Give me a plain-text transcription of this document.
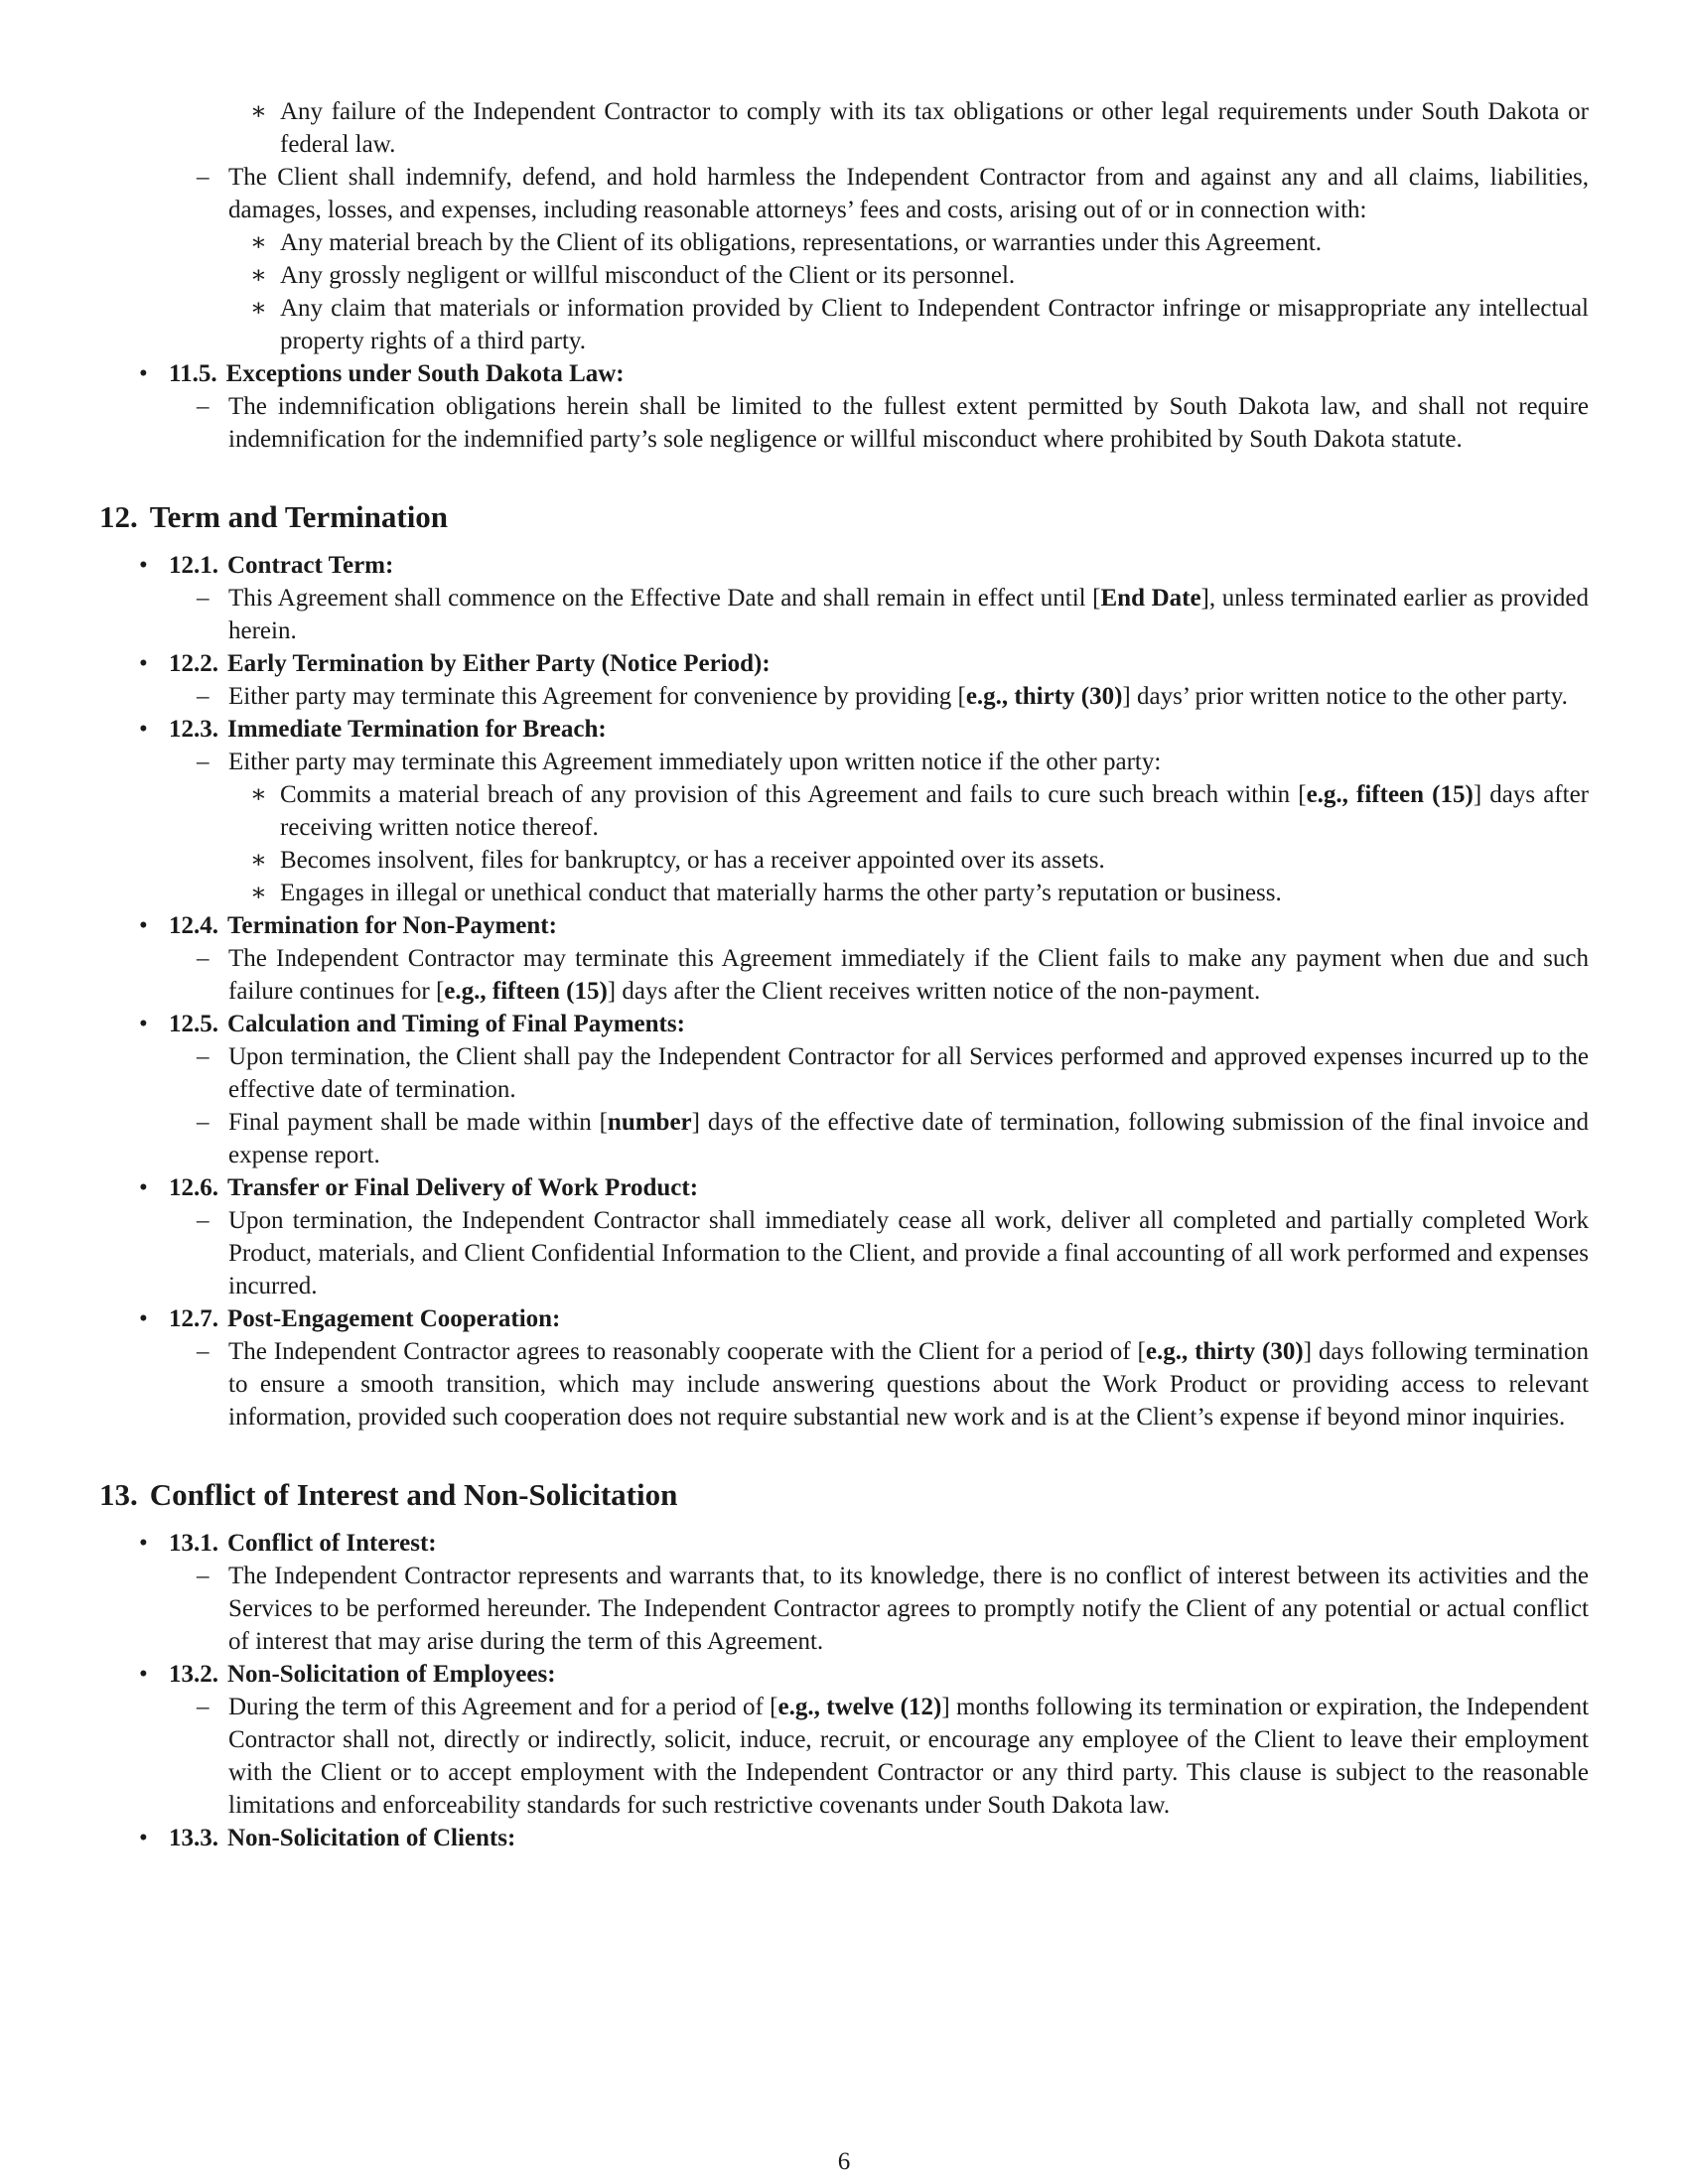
∗ Any failure of the Independent Contractor to comply with its tax obligations or other legal requirements under South Dakota or federal law.
– The Client shall indemnify, defend, and hold harmless the Independent Contractor from and against any and all claims, liabilities, damages, losses, and expenses, including reasonable attorneys’ fees and costs, arising out of or in connection with:
∗ Any material breach by the Client of its obligations, representations, or warranties under this Agreement.
∗ Any grossly negligent or willful misconduct of the Client or its personnel.
∗ Any claim that materials or information provided by Client to Independent Contractor infringe or misappropriate any intellectual property rights of a third party.
• 11.5. Exceptions under South Dakota Law:
– The indemnification obligations herein shall be limited to the fullest extent permitted by South Dakota law, and shall not require indemnification for the indemnified party’s sole negligence or willful misconduct where prohibited by South Dakota statute.
12. Term and Termination
• 12.1. Contract Term:
– This Agreement shall commence on the Effective Date and shall remain in effect until [End Date], unless terminated earlier as provided herein.
• 12.2. Early Termination by Either Party (Notice Period):
– Either party may terminate this Agreement for convenience by providing [e.g., thirty (30)] days’ prior written notice to the other party.
• 12.3. Immediate Termination for Breach:
– Either party may terminate this Agreement immediately upon written notice if the other party:
∗ Commits a material breach of any provision of this Agreement and fails to cure such breach within [e.g., fifteen (15)] days after receiving written notice thereof.
∗ Becomes insolvent, files for bankruptcy, or has a receiver appointed over its assets.
∗ Engages in illegal or unethical conduct that materially harms the other party’s reputation or business.
• 12.4. Termination for Non-Payment:
– The Independent Contractor may terminate this Agreement immediately if the Client fails to make any payment when due and such failure continues for [e.g., fifteen (15)] days after the Client receives written notice of the non-payment.
• 12.5. Calculation and Timing of Final Payments:
– Upon termination, the Client shall pay the Independent Contractor for all Services performed and approved expenses incurred up to the effective date of termination.
– Final payment shall be made within [number] days of the effective date of termination, following submission of the final invoice and expense report.
• 12.6. Transfer or Final Delivery of Work Product:
– Upon termination, the Independent Contractor shall immediately cease all work, deliver all completed and partially completed Work Product, materials, and Client Confidential Information to the Client, and provide a final accounting of all work performed and expenses incurred.
• 12.7. Post-Engagement Cooperation:
– The Independent Contractor agrees to reasonably cooperate with the Client for a period of [e.g., thirty (30)] days following termination to ensure a smooth transition, which may include answering questions about the Work Product or providing access to relevant information, provided such cooperation does not require substantial new work and is at the Client’s expense if beyond minor inquiries.
13. Conflict of Interest and Non-Solicitation
• 13.1. Conflict of Interest:
– The Independent Contractor represents and warrants that, to its knowledge, there is no conflict of interest between its activities and the Services to be performed hereunder. The Independent Contractor agrees to promptly notify the Client of any potential or actual conflict of interest that may arise during the term of this Agreement.
• 13.2. Non-Solicitation of Employees:
– During the term of this Agreement and for a period of [e.g., twelve (12)] months following its termination or expiration, the Independent Contractor shall not, directly or indirectly, solicit, induce, recruit, or encourage any employee of the Client to leave their employment with the Client or to accept employment with the Independent Contractor or any third party. This clause is subject to the reasonable limitations and enforceability standards for such restrictive covenants under South Dakota law.
• 13.3. Non-Solicitation of Clients:
6
